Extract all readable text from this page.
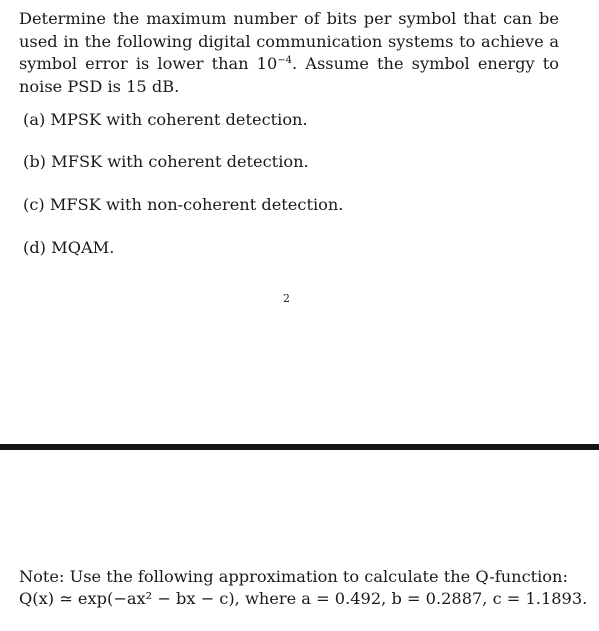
Determine the maximum number of bits per symbol that can be used in the following digital communication systems to achieve a symbol error is lower than $10^{-4}$. Assume the symbol energy to noise PSD is 15 dB.

(a) MPSK with coherent detection.

(b) MFSK with coherent detection.

(c) MFSK with non-coherent detection.

(d) MQAM.

2

Note: Use the following approximation to calculate the Q-function:
Q(x) ≃ exp(−ax² − bx − c), where a = 0.492, b = 0.2887, c = 1.1893.
